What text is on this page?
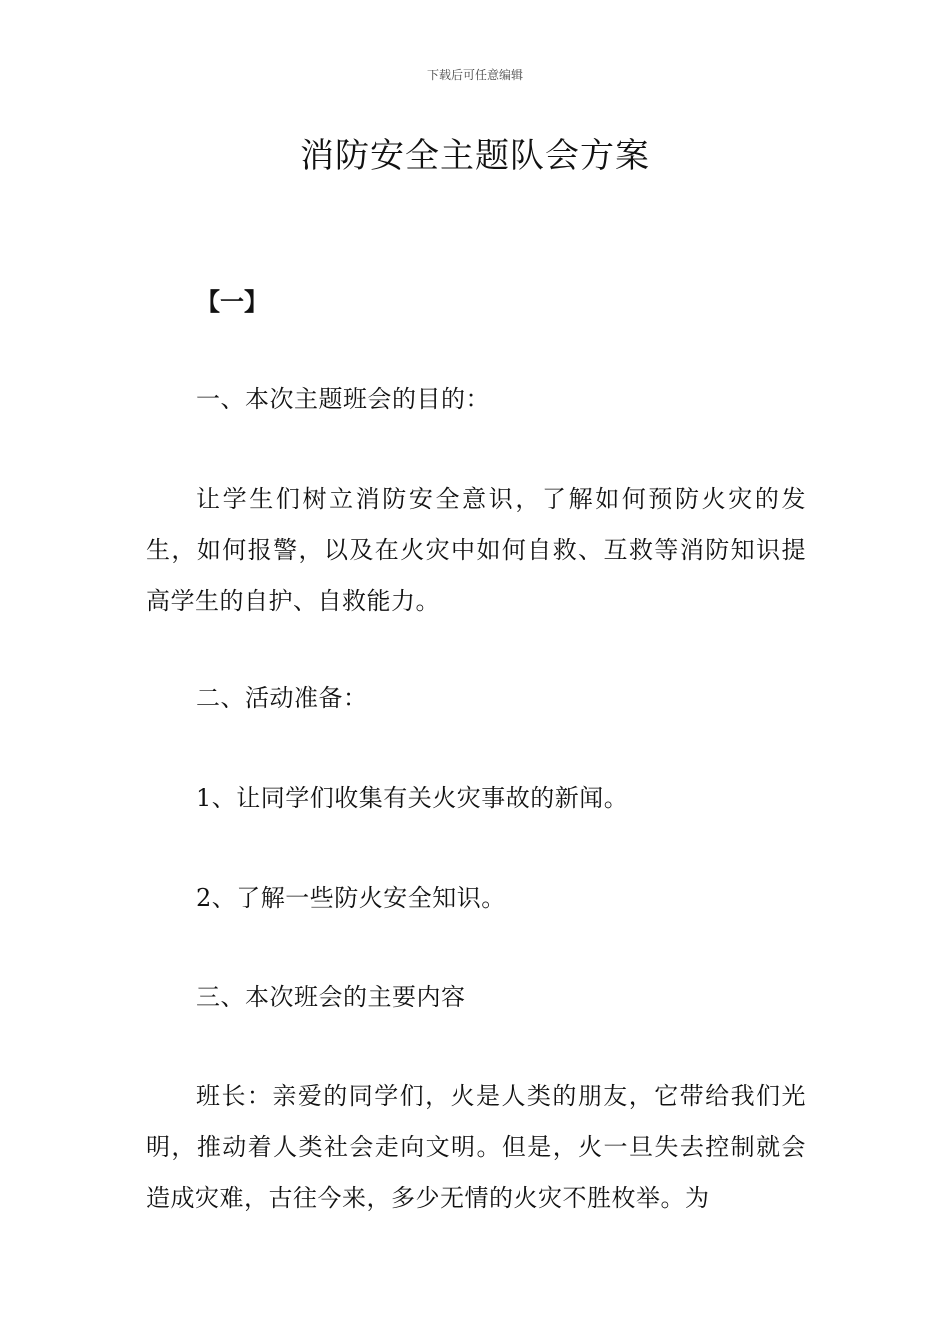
下载后可任意编辑
消防安全主题队会方案
【一】

一、本次主题班会的目的：

让学生们树立消防安全意识，了解如何预防火灾的发生，如何报警，以及在火灾中如何自救、互救等消防知识提高学生的自护、自救能力。

二、活动准备：

1、让同学们收集有关火灾事故的新闻。

2、了解一些防火安全知识。

三、本次班会的主要内容

班长：亲爱的同学们，火是人类的朋友，它带给我们光明，推动着人类社会走向文明。但是，火一旦失去控制就会造成灾难，古往今来，多少无情的火灾不胜枚举。为
